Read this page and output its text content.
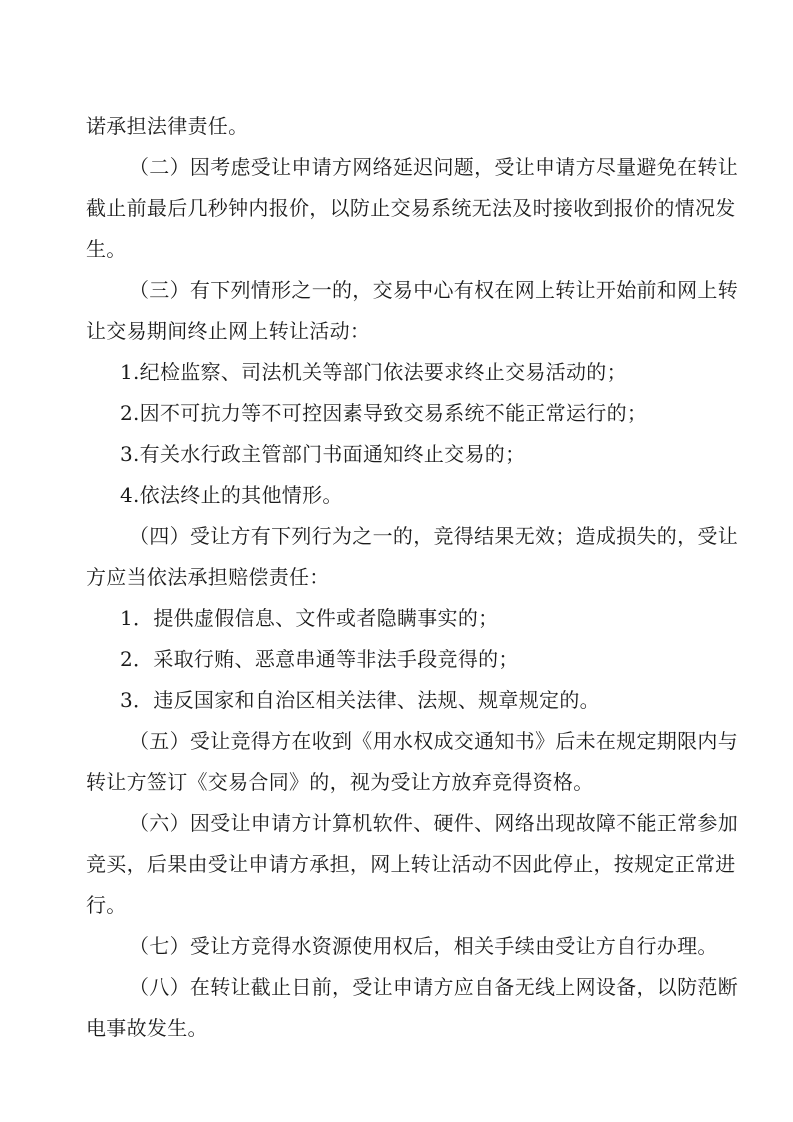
诺承担法律责任。
（二）因考虑受让申请方网络延迟问题，受让申请方尽量避免在转让
截止前最后几秒钟内报价，以防止交易系统无法及时接收到报价的情况发
生。
（三）有下列情形之一的，交易中心有权在网上转让开始前和网上转
让交易期间终止网上转让活动：
1.纪检监察、司法机关等部门依法要求终止交易活动的；
2.因不可抗力等不可控因素导致交易系统不能正常运行的；
3.有关水行政主管部门书面通知终止交易的；
4.依法终止的其他情形。
（四）受让方有下列行为之一的，竞得结果无效；造成损失的，受让
方应当依法承担赔偿责任：
1．提供虚假信息、文件或者隐瞒事实的；
2．采取行贿、恶意串通等非法手段竞得的；
3．违反国家和自治区相关法律、法规、规章规定的。
（五）受让竞得方在收到《用水权成交通知书》后未在规定期限内与
转让方签订《交易合同》的，视为受让方放弃竞得资格。
（六）因受让申请方计算机软件、硬件、网络出现故障不能正常参加
竞买，后果由受让申请方承担，网上转让活动不因此停止，按规定正常进
行。
（七）受让方竞得水资源使用权后，相关手续由受让方自行办理。
（八）在转让截止日前，受让申请方应自备无线上网设备，以防范断
电事故发生。
